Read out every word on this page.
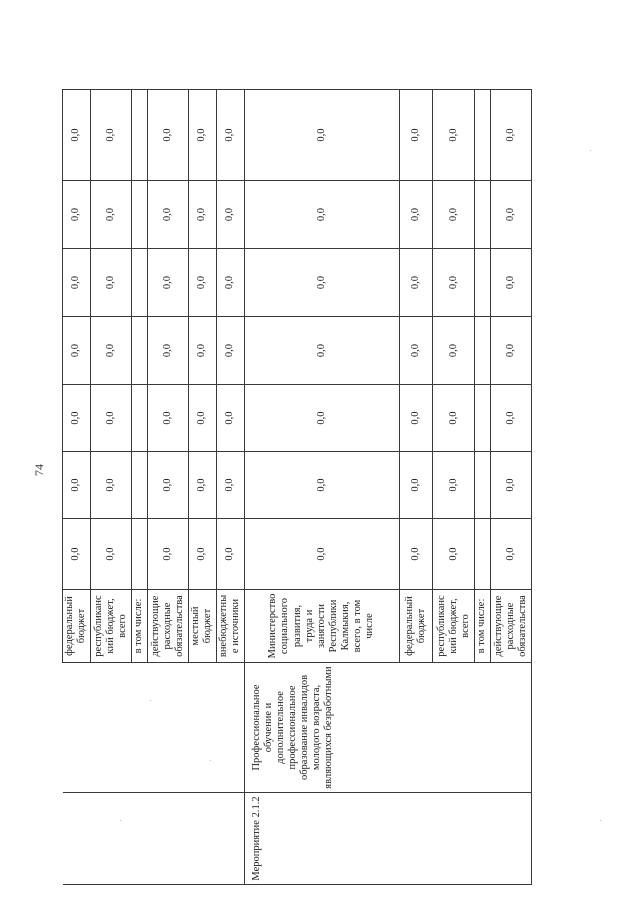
74
		федеральный бюджет	0,0	0,0	0,0	0,0	0,0	0,0	0,0
		республиканский бюджет, всего	0,0	0,0	0,0	0,0	0,0	0,0	0,0
		в том числе:							
		действующие расходные обязательства	0,0	0,0	0,0	0,0	0,0	0,0	0,0
		местный бюджет	0,0	0,0	0,0	0,0	0,0	0,0	0,0
		внебюджетные источники	0,0	0,0	0,0	0,0	0,0	0,0	0,0
Мероприятие 2.1.2	Профессиональное обучение и дополнительное профессиональное образование инвалидов молодого возраста, являющихся безработными	Министерство социального развития, труда и занятости Республики Калмыкия, всего, в том числе	0,0	0,0	0,0	0,0	0,0	0,0	0,0
		федеральный бюджет	0,0	0,0	0,0	0,0	0,0	0,0	0,0
		республиканский бюджет, всего	0,0	0,0	0,0	0,0	0,0	0,0	0,0
		в том числе:							
		действующие расходные обязательства	0,0	0,0	0,0	0,0	0,0	0,0	0,0
